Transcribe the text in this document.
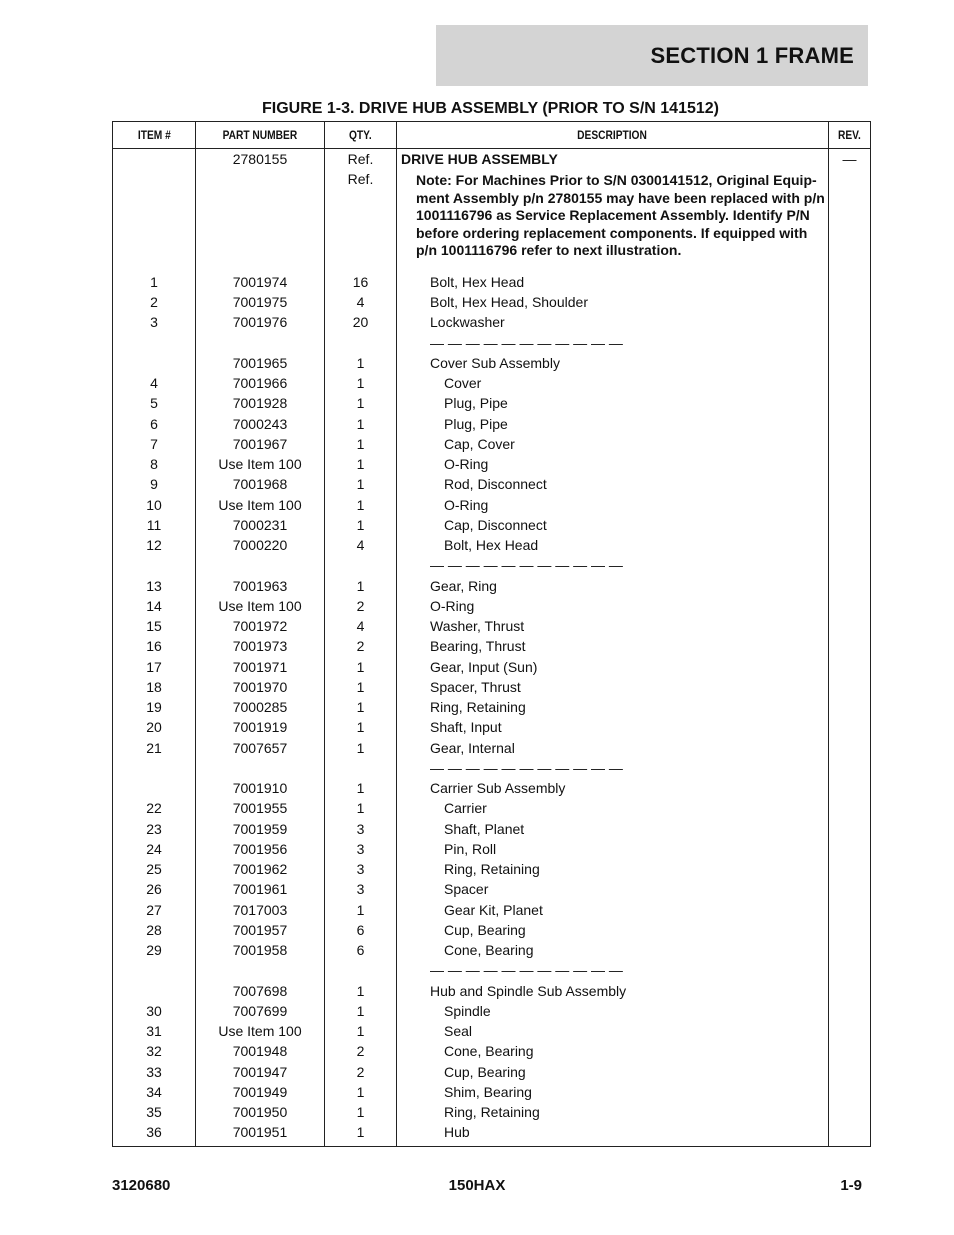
SECTION 1 FRAME
FIGURE 1-3. DRIVE HUB ASSEMBLY (PRIOR TO S/N 141512)
ITEM #	PART NUMBER	QTY.	DESCRIPTION	REV.
	2780155	Ref.	DRIVE HUB ASSEMBLY	—
		Ref.	Note: For Machines Prior to S/N 0300141512, Original Equip-
ment Assembly p/n 2780155 may have been replaced with p/n
1001116796 as Service Replacement Assembly. Identify P/N
before ordering replacement components. If equipped with
p/n 1001116796 refer to next illustration.	

1	7001974	16	Bolt, Hex Head	
2	7001975	4	Bolt, Hex Head, Shoulder	
3	7001976	20	Lockwasher	
			— — — — — — — — — — —	
	7001965	1	Cover Sub Assembly	
4	7001966	1	Cover	
5	7001928	1	Plug, Pipe	
6	7000243	1	Plug, Pipe	
7	7001967	1	Cap, Cover	
8	Use Item 100	1	O-Ring	
9	7001968	1	Rod, Disconnect	
10	Use Item 100	1	O-Ring	
11	7000231	1	Cap, Disconnect	
12	7000220	4	Bolt, Hex Head	
			— — — — — — — — — — —	
13	7001963	1	Gear, Ring	
14	Use Item 100	2	O-Ring	
15	7001972	4	Washer, Thrust	
16	7001973	2	Bearing, Thrust	
17	7001971	1	Gear, Input (Sun)	
18	7001970	1	Spacer, Thrust	
19	7000285	1	Ring, Retaining	
20	7001919	1	Shaft, Input	
21	7007657	1	Gear, Internal	
			— — — — — — — — — — —	
	7001910	1	Carrier Sub Assembly	
22	7001955	1	Carrier	
23	7001959	3	Shaft, Planet	
24	7001956	3	Pin, Roll	
25	7001962	3	Ring, Retaining	
26	7001961	3	Spacer	
27	7017003	1	Gear Kit, Planet	
28	7001957	6	Cup, Bearing	
29	7001958	6	Cone, Bearing	
			— — — — — — — — — — —	
	7007698	1	Hub and Spindle Sub Assembly	
30	7007699	1	Spindle	
31	Use Item 100	1	Seal	
32	7001948	2	Cone, Bearing	
33	7001947	2	Cup, Bearing	
34	7001949	1	Shim, Bearing	
35	7001950	1	Ring, Retaining	
36	7001951	1	Hub	
3120680	150HAX	1-9
